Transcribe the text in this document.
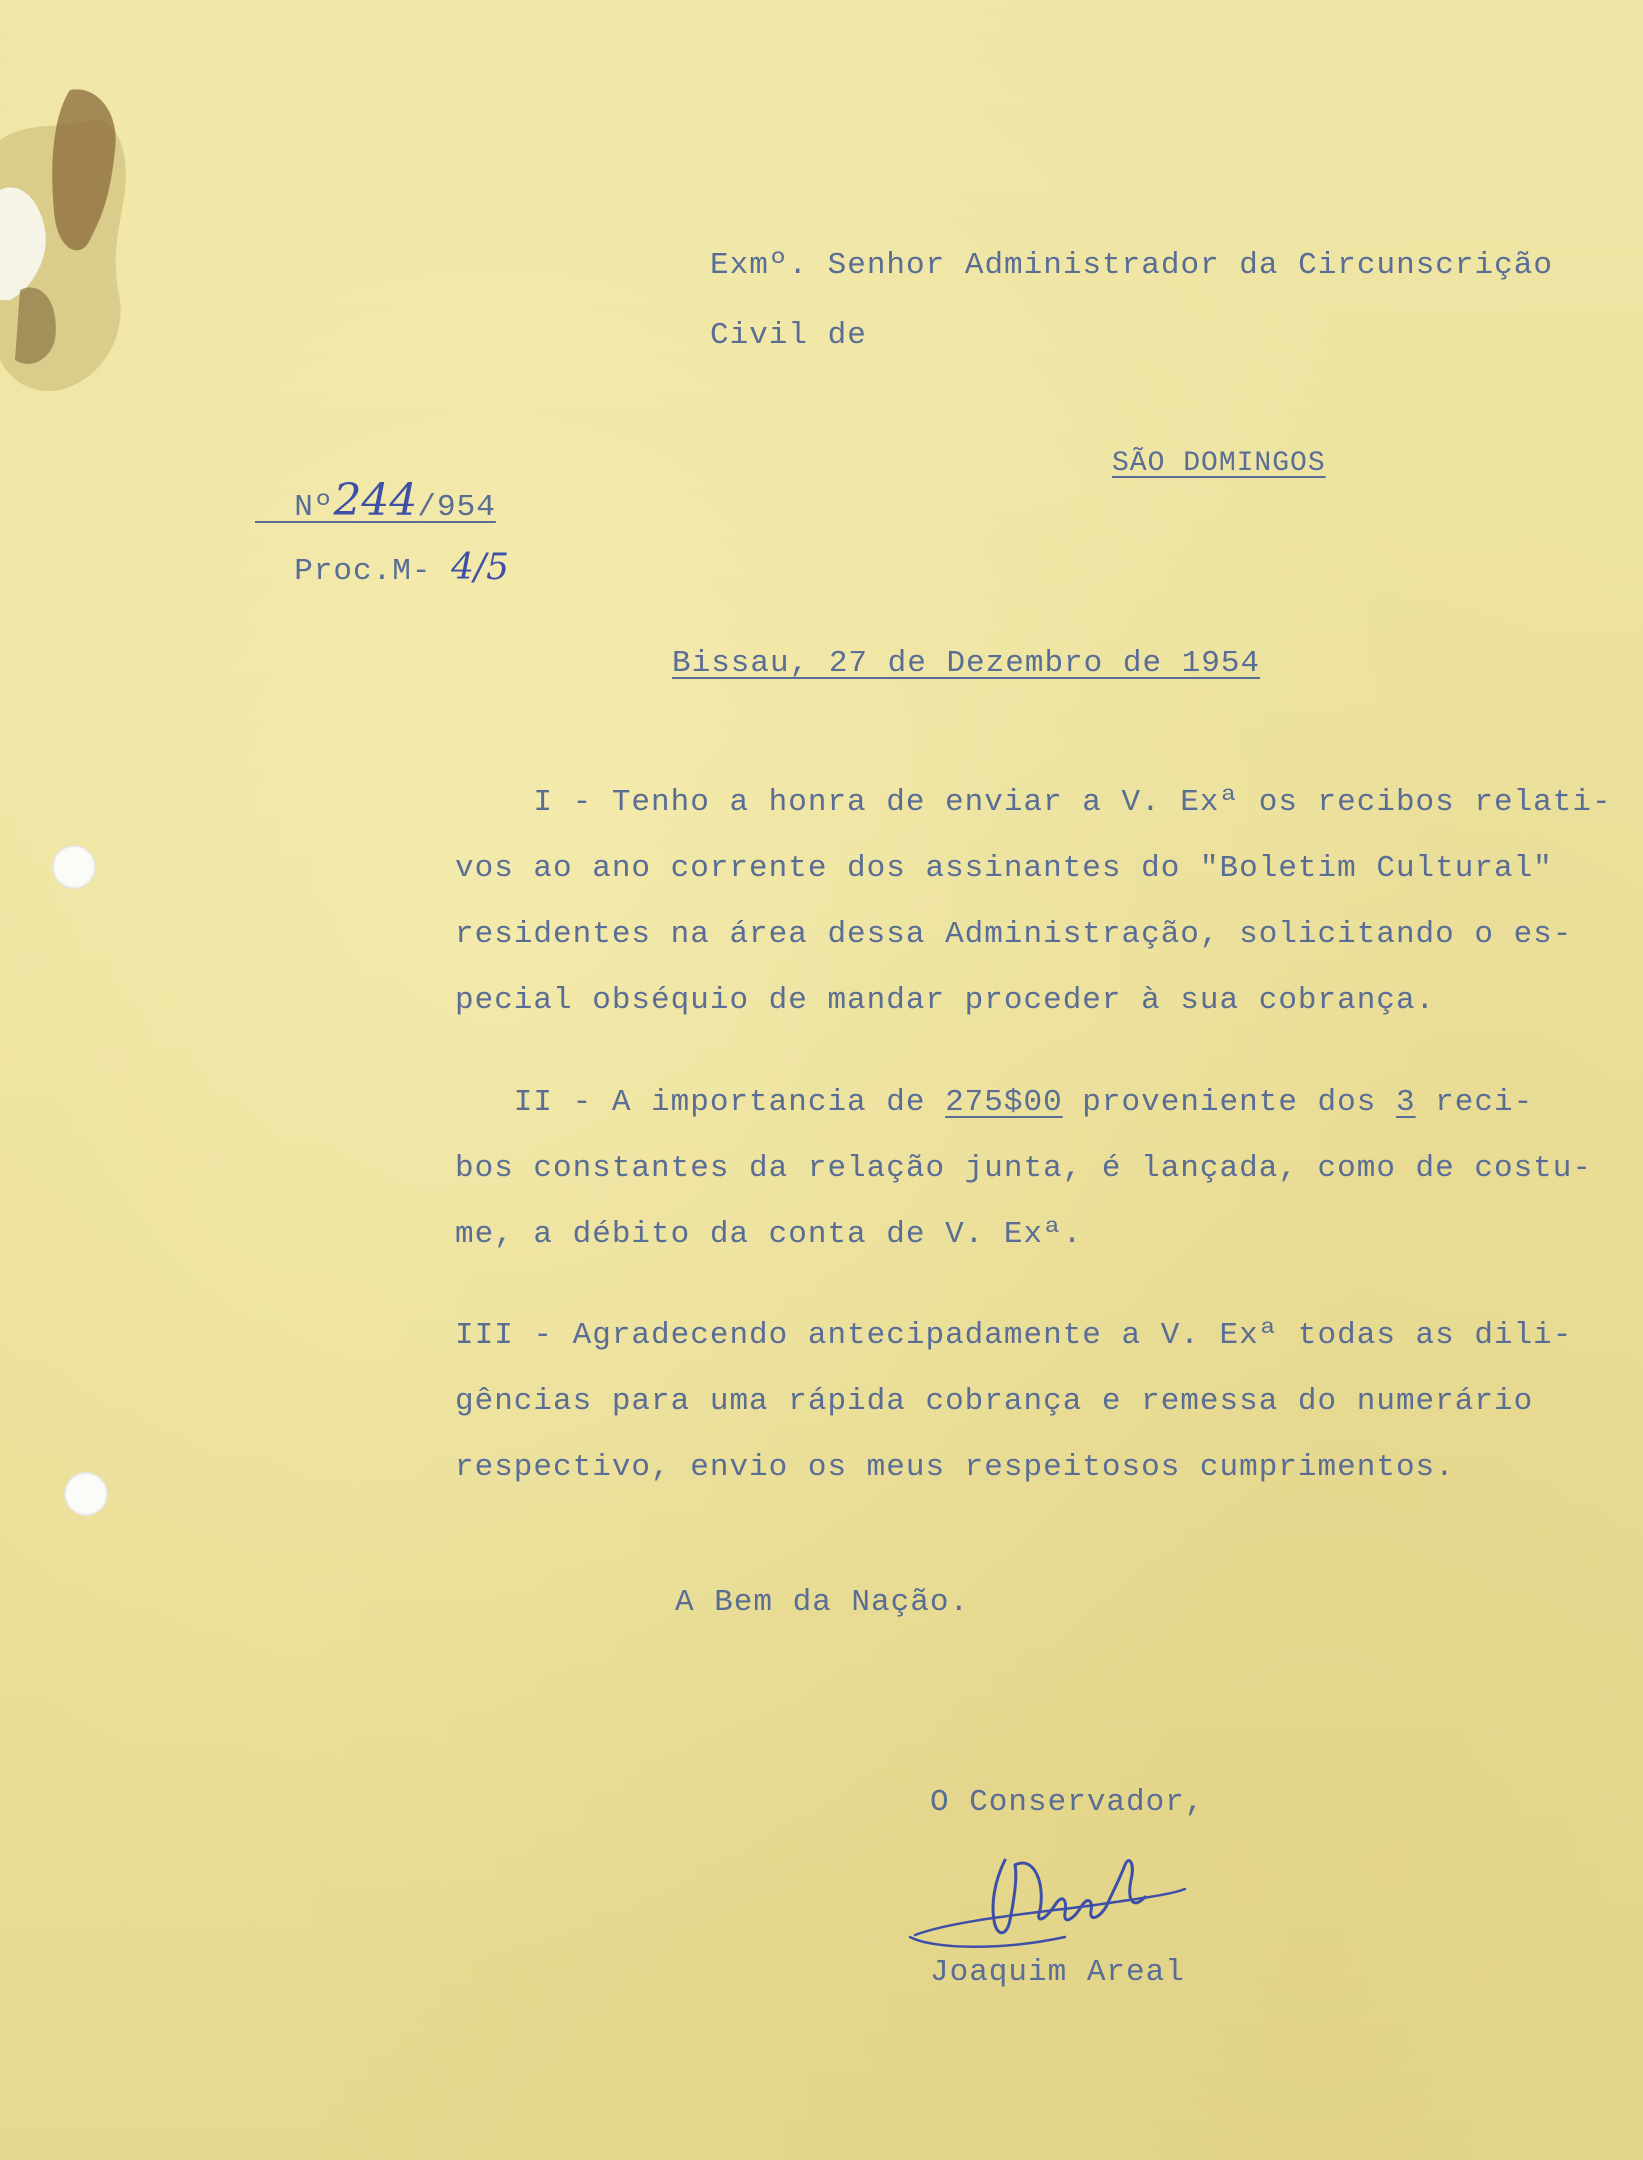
Exmº. Senhor Administrador da Circunscrição
Civil de

Nº244/954

Proc.M- 4/5

SÃO DOMINGOS
Bissau, 27 de Dezembro de 1954
I - Tenho a honra de enviar a V. Exª os recibos relati-
vos ao ano corrente dos assinantes do "Boletim Cultural"
residentes na área dessa Administração, solicitando o es-
pecial obséquio de mandar proceder à sua cobrança.
II - A importancia de 275$00 proveniente dos 3 reci-
bos constantes da relação junta, é lançada, como de costu-
me, a débito da conta de V. Exª.
III - Agradecendo antecipadamente a V. Exª todas as dili-
gências para uma rápida cobrança e remessa do numerário
respectivo, envio os meus respeitosos cumprimentos.
A Bem da Nação.
O Conservador,
Joaquim Areal
